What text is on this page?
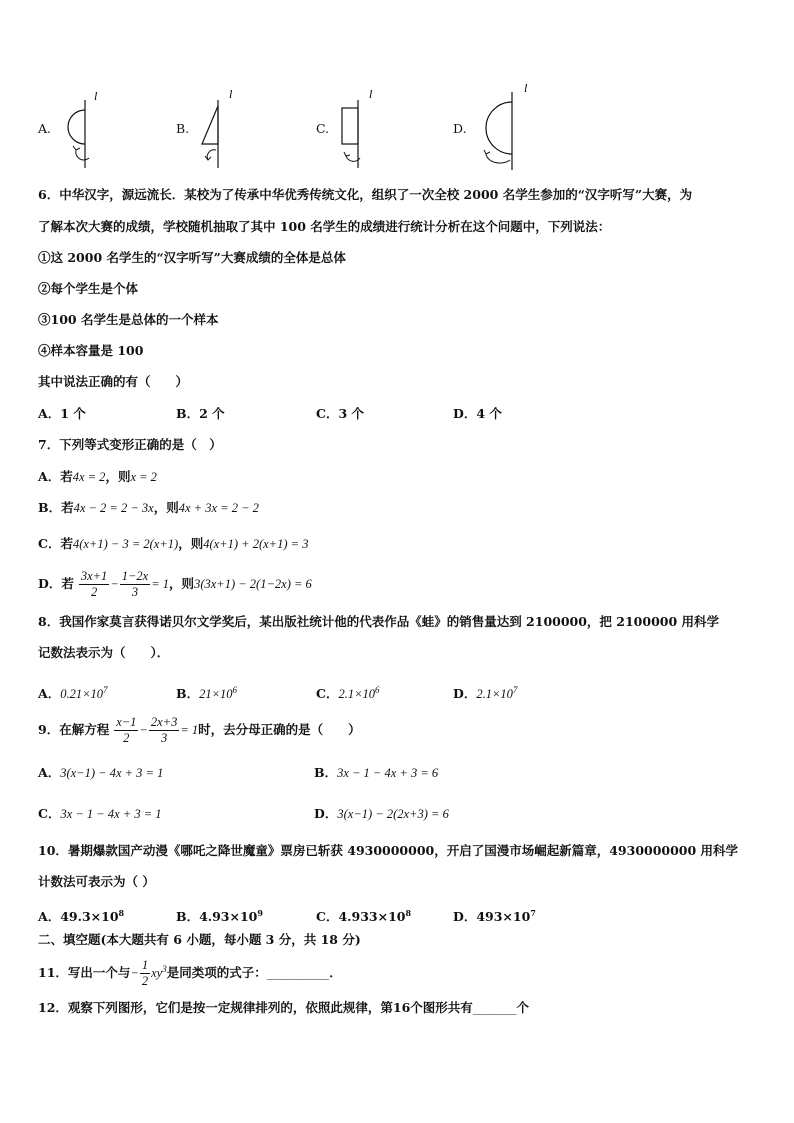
A.
l
B.
l
C.
l
D.
l
6．中华汉字，源远流长．某校为了传承中华优秀传统文化，组织了一次全校 2000 名学生参加的“汉字听写”大赛，为
了解本次大赛的成绩，学校随机抽取了其中 100 名学生的成绩进行统计分析在这个问题中，下列说法：
①这 2000 名学生的“汉字听写”大赛成绩的全体是总体
②每个学生是个体
③100 名学生是总体的一个样本
④样本容量是 100
其中说法正确的有（　　）
A．1 个	B．2 个	C．3 个	D．4 个
7．下列等式变形正确的是（　）
A．若4x = 2，则x = 2
B．若4x − 2 = 2 − 3x，则4x + 3x = 2 − 2
C．若4(x+1) − 3 = 2(x+1)，则4(x+1) + 2(x+1) = 3
D．若 $\frac{3x+1}{2} - \frac{1-2x}{3} = 1$，则3(3x+1) − 2(1−2x) = 6
8．我国作家莫言获得诺贝尔文学奖后，某出版社统计他的代表作品《蛙》的销售量达到 2100000，把 2100000 用科学
记数法表示为（　　）．
A．$0.21\times 10^7$	B．$21\times 10^6$	C．$2.1\times 10^6$	D．$2.1\times 10^7$
9．在解方程 $\frac{x-1}{2} - \frac{2x+3}{3} = 1$时，去分母正确的是（　　）
A．3(x−1) − 4x + 3 = 1	B．3x − 1 − 4x + 3 = 6
C．3x − 1 − 4x + 3 = 1	D．3(x−1) − 2(2x+3) = 6
10．暑期爆款国产动漫《哪吒之降世魔童》票房已斩获 4930000000，开启了国漫市场崛起新篇章，4930000000 用科学
计数法可表示为（ ）
A．$49.3\times 10^8$	B．$4.93\times 10^9$	C．$4.933\times 10^8$	D．$493\times 10^7$
二、填空题(本大题共有 6 小题，每小题 3 分，共 18 分)
11．写出一个与− $\frac{1}{2} xy^3$是同类项的式子：__________．
12．观察下列图形，它们是按一定规律排列的，依照此规律，第16个图形共有_______个
